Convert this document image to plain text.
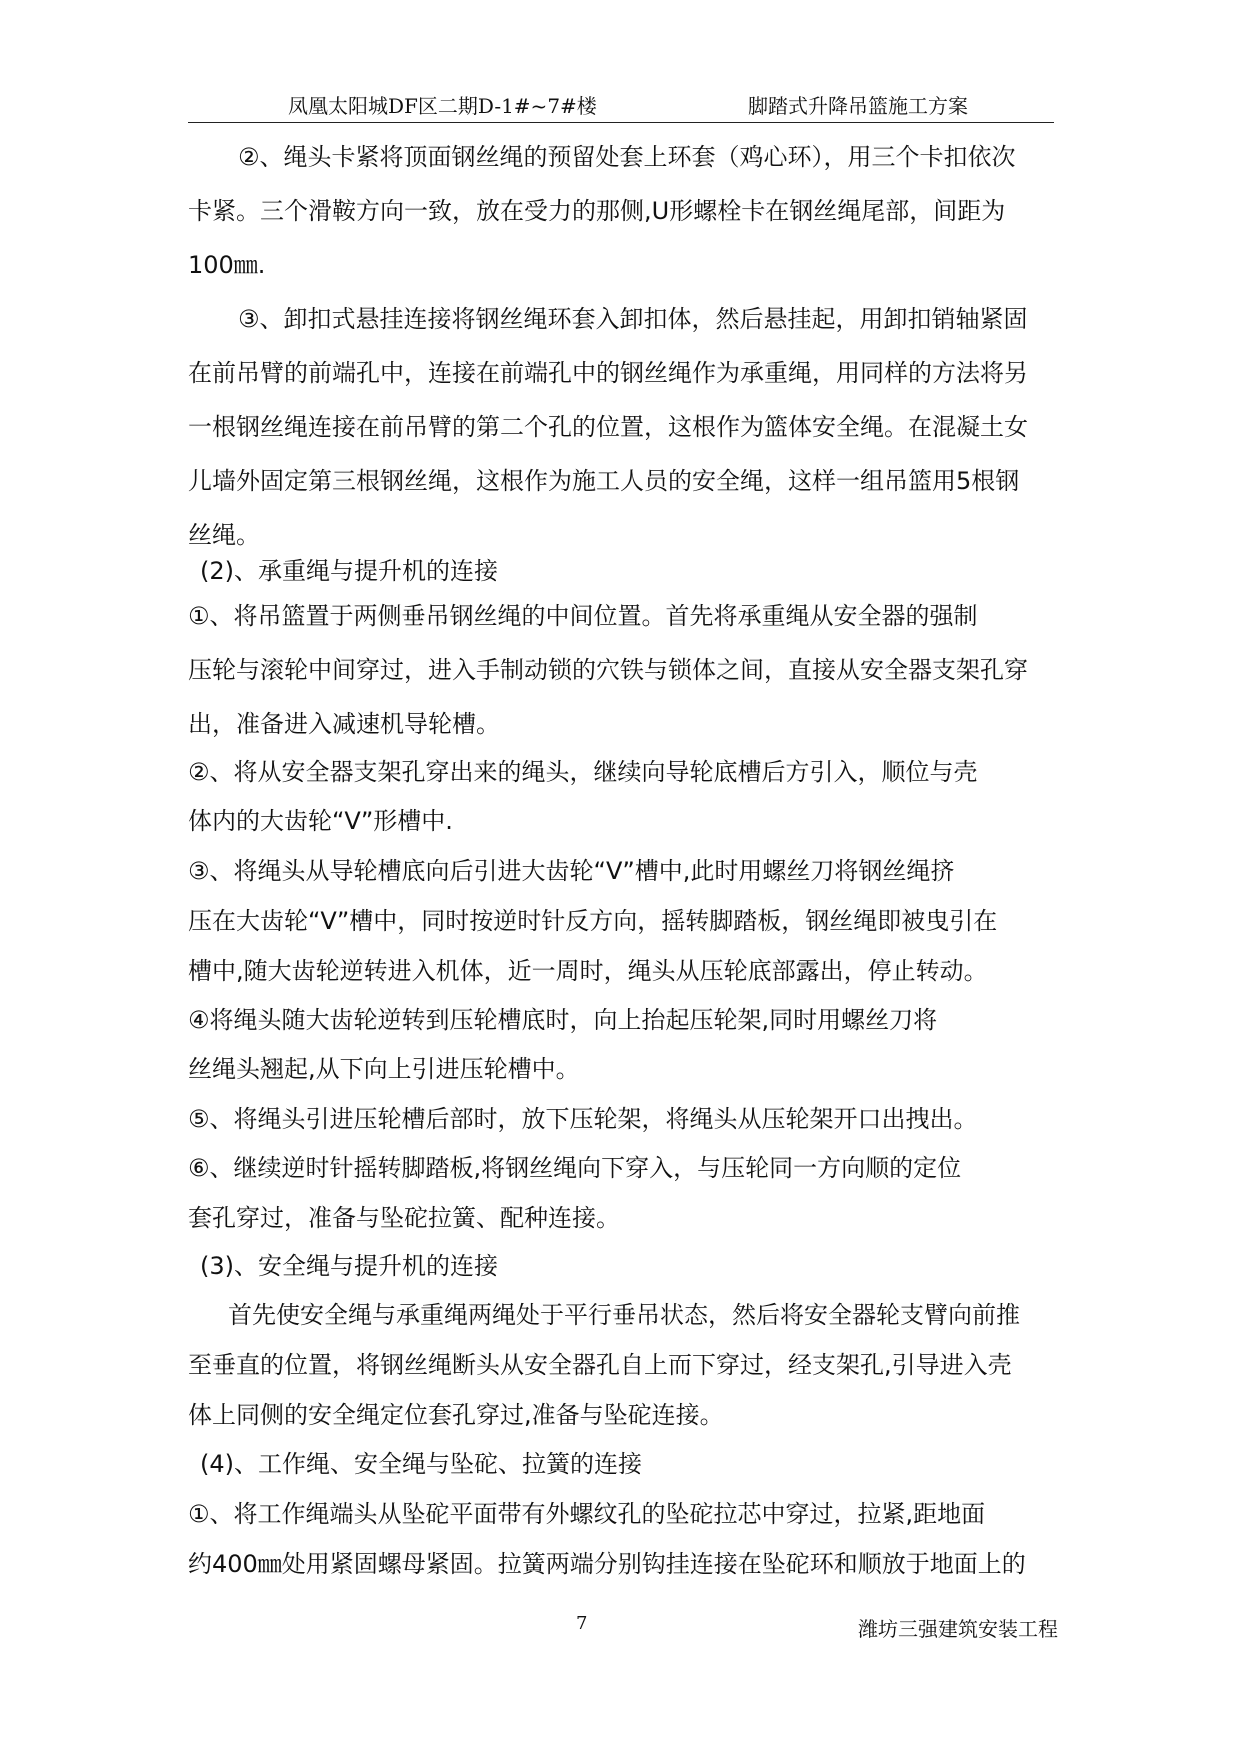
凤凰太阳城DF区二期D-1#~7#楼	脚踏式升降吊篮施工方案
②、绳头卡紧将顶面钢丝绳的预留处套上环套（鸡心环），用三个卡扣依次
卡紧。三个滑鞍方向一致，放在受力的那侧,U形螺栓卡在钢丝绳尾部，间距为
100㎜.
③、卸扣式悬挂连接将钢丝绳环套入卸扣体，然后悬挂起，用卸扣销轴紧固
在前吊臂的前端孔中，连接在前端孔中的钢丝绳作为承重绳，用同样的方法将另
一根钢丝绳连接在前吊臂的第二个孔的位置，这根作为篮体安全绳。在混凝土女
儿墙外固定第三根钢丝绳，这根作为施工人员的安全绳，这样一组吊篮用5根钢
丝绳。
(2)、承重绳与提升机的连接
①、将吊篮置于两侧垂吊钢丝绳的中间位置。首先将承重绳从安全器的强制
压轮与滚轮中间穿过，进入手制动锁的穴铁与锁体之间，直接从安全器支架孔穿
出，准备进入减速机导轮槽。
②、将从安全器支架孔穿出来的绳头，继续向导轮底槽后方引入，顺位与壳
体内的大齿轮“V”形槽中.
③、将绳头从导轮槽底向后引进大齿轮“V”槽中,此时用螺丝刀将钢丝绳挤
压在大齿轮“V”槽中，同时按逆时针反方向，摇转脚踏板，钢丝绳即被曳引在
槽中,随大齿轮逆转进入机体，近一周时，绳头从压轮底部露出，停止转动。
④将绳头随大齿轮逆转到压轮槽底时，向上抬起压轮架,同时用螺丝刀将
丝绳头翘起,从下向上引进压轮槽中。
⑤、将绳头引进压轮槽后部时，放下压轮架，将绳头从压轮架开口出拽出。
⑥、继续逆时针摇转脚踏板,将钢丝绳向下穿入，与压轮同一方向顺的定位
套孔穿过，准备与坠砣拉簧、配种连接。
(3)、安全绳与提升机的连接
首先使安全绳与承重绳两绳处于平行垂吊状态，然后将安全器轮支臂向前推
至垂直的位置，将钢丝绳断头从安全器孔自上而下穿过，经支架孔,引导进入壳
体上同侧的安全绳定位套孔穿过,准备与坠砣连接。
(4)、工作绳、安全绳与坠砣、拉簧的连接
①、将工作绳端头从坠砣平面带有外螺纹孔的坠砣拉芯中穿过，拉紧,距地面
约400㎜处用紧固螺母紧固。拉簧两端分别钩挂连接在坠砣环和顺放于地面上的
7	潍坊三强建筑安装工程
